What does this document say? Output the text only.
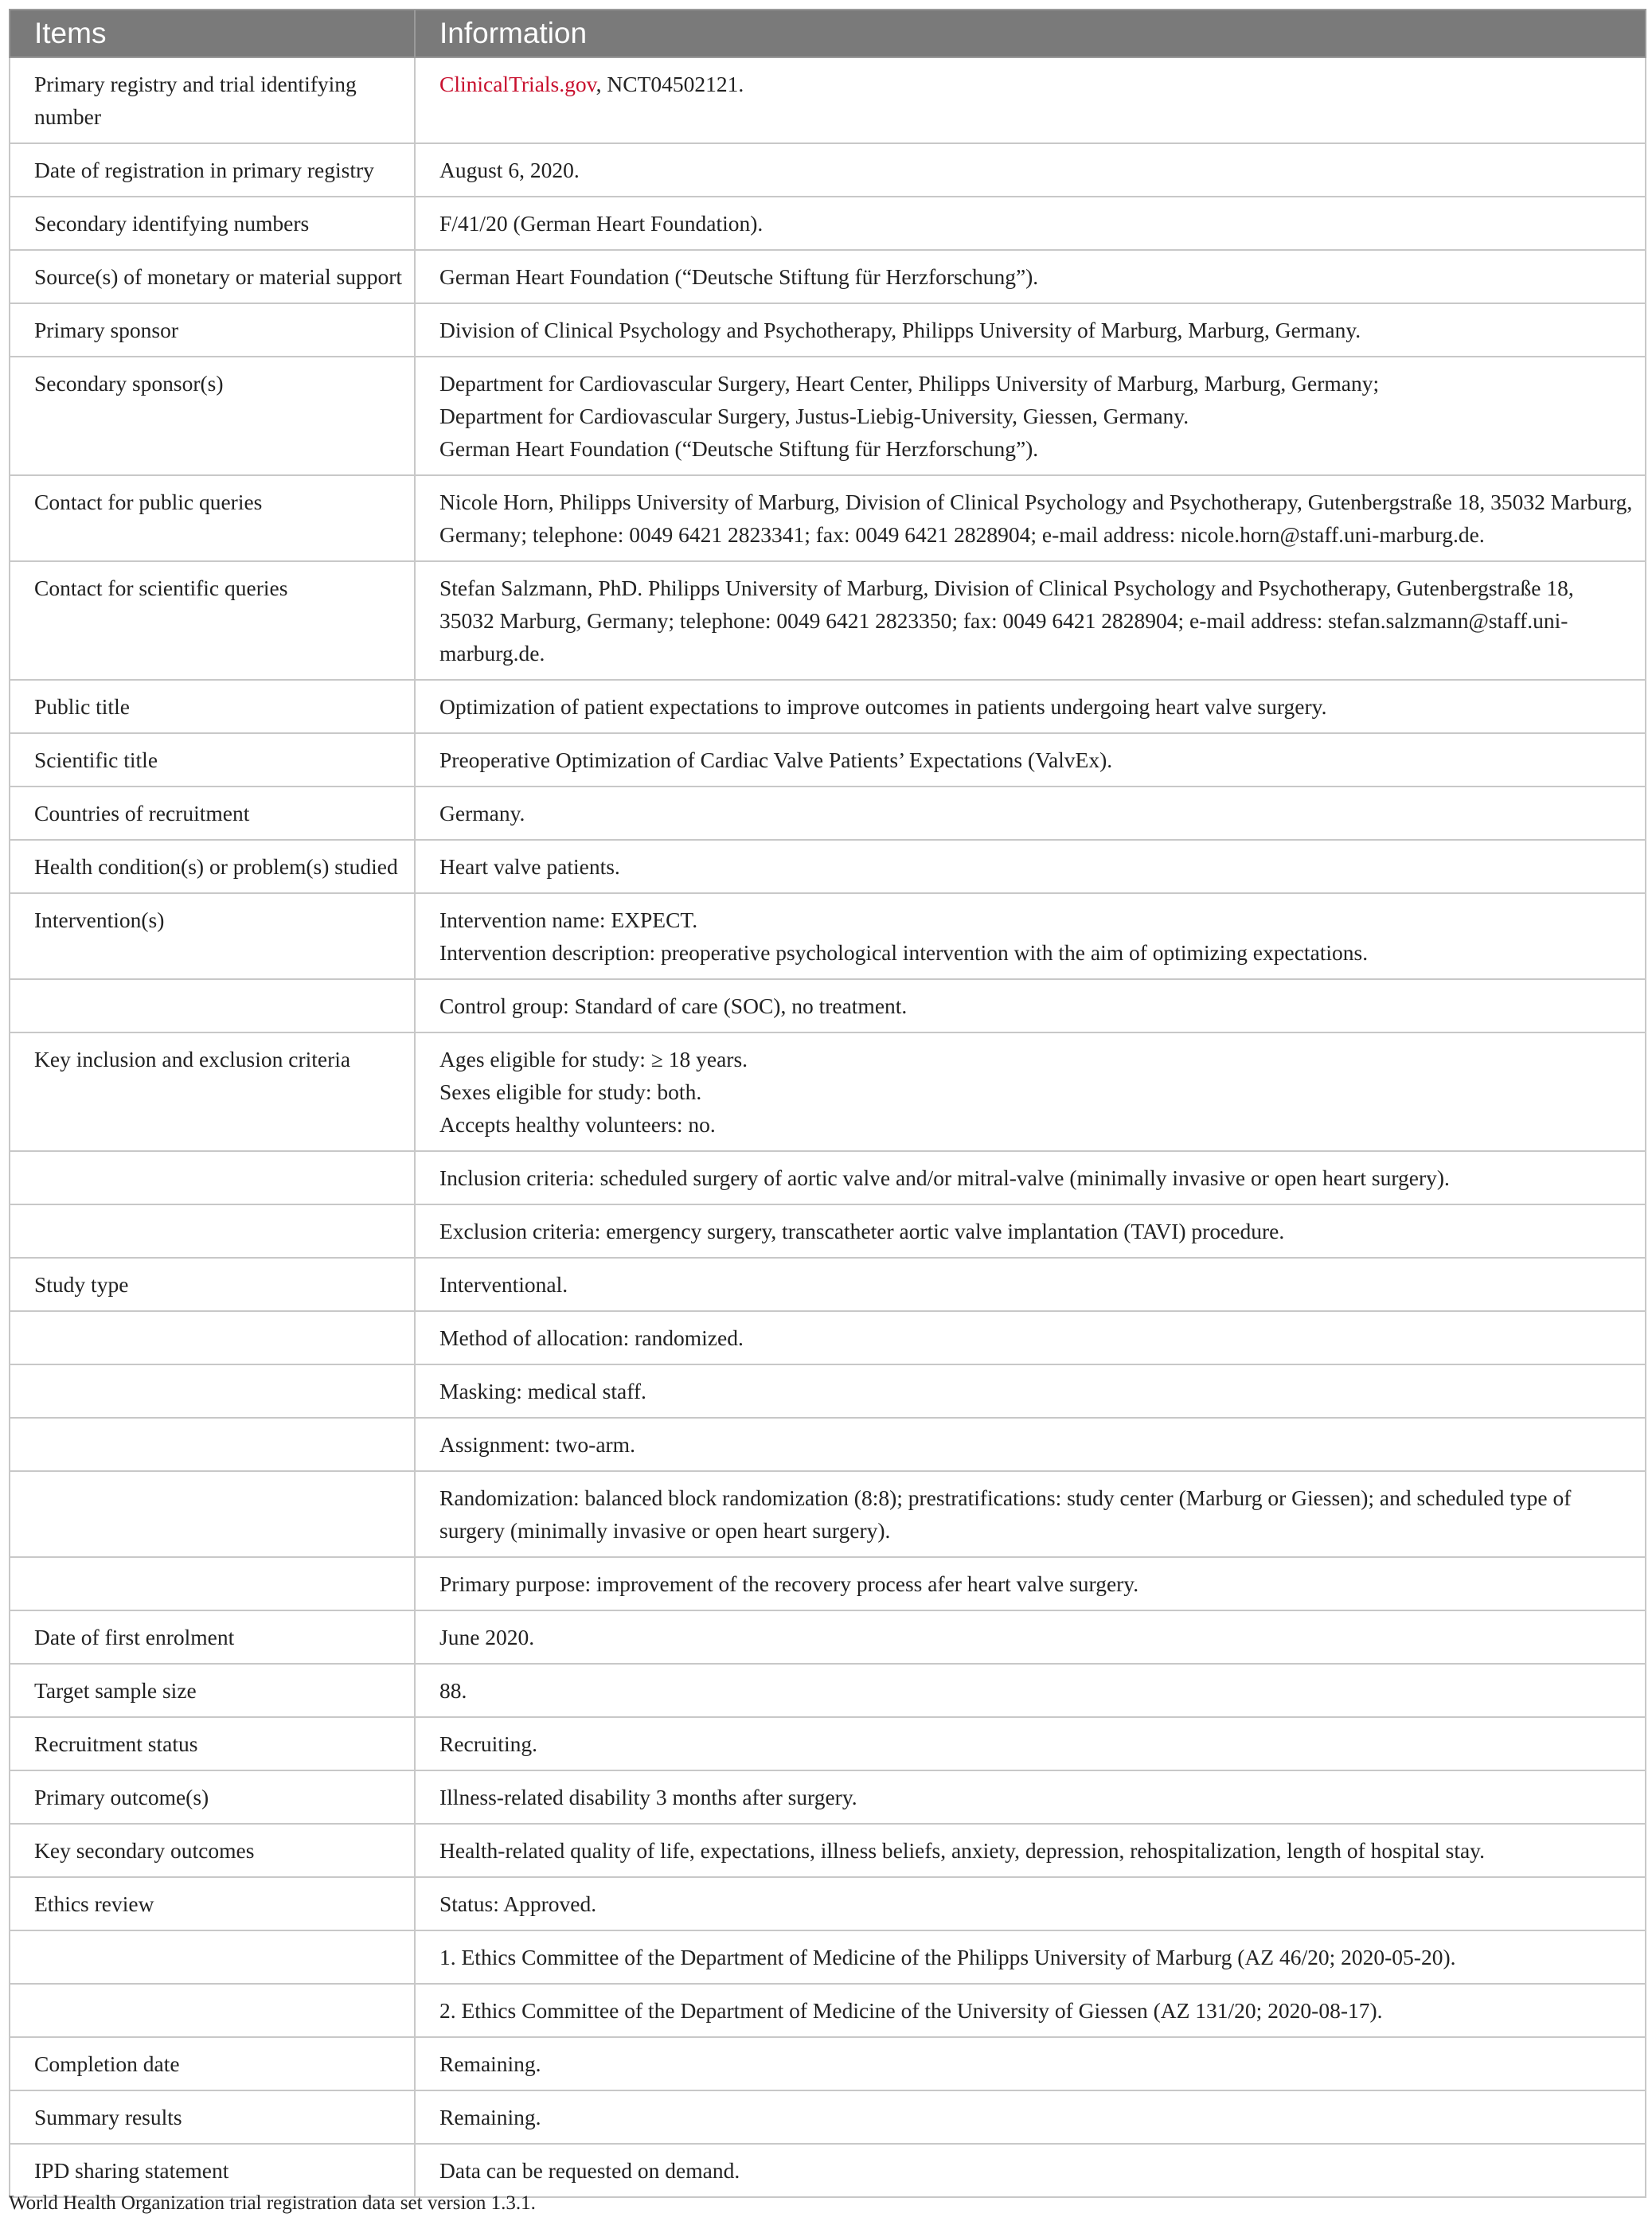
Items	Information
Primary registry and trial identifying number	ClinicalTrials.gov, NCT04502121.

Date of registration in primary registry	August 6, 2020.

Secondary identifying numbers	F/41/20 (German Heart Foundation).

Source(s) of monetary or material support	German Heart Foundation (“Deutsche Stiftung für Herzforschung”).

Primary sponsor	Division of Clinical Psychology and Psychotherapy, Philipps University of Marburg, Marburg, Germany.

Secondary sponsor(s)	Department for Cardiovascular Surgery, Heart Center, Philipps University of Marburg, Marburg, Germany;
Department for Cardiovascular Surgery, Justus-Liebig-University, Giessen, Germany.
German Heart Foundation (“Deutsche Stiftung für Herzforschung”).

Contact for public queries	Nicole Horn, Philipps University of Marburg, Division of Clinical Psychology and Psychotherapy, Gutenbergstraße 18, 35032 Marburg, Germany; telephone: 0049 6421 2823341; fax: 0049 6421 2828904; e-mail address: nicole.horn@staff.uni-marburg.de.

Contact for scientific queries	Stefan Salzmann, PhD. Philipps University of Marburg, Division of Clinical Psychology and Psychotherapy, Gutenbergstraße 18, 35032 Marburg, Germany; telephone: 0049 6421 2823350; fax: 0049 6421 2828904; e-mail address: stefan.salzmann@staff.uni-marburg.de.

Public title	Optimization of patient expectations to improve outcomes in patients undergoing heart valve surgery.

Scientific title	Preoperative Optimization of Cardiac Valve Patients’ Expectations (ValvEx).

Countries of recruitment	Germany.

Health condition(s) or problem(s) studied	Heart valve patients.

Intervention(s)	Intervention name: EXPECT.
Intervention description: preoperative psychological intervention with the aim of optimizing expectations.

	Control group: Standard of care (SOC), no treatment.

Key inclusion and exclusion criteria	Ages eligible for study: ≥ 18 years.
Sexes eligible for study: both.
Accepts healthy volunteers: no.

	Inclusion criteria: scheduled surgery of aortic valve and/or mitral-valve (minimally invasive or open heart surgery).

	Exclusion criteria: emergency surgery, transcatheter aortic valve implantation (TAVI) procedure.

Study type	Interventional.

	Method of allocation: randomized.

	Masking: medical staff.

	Assignment: two-arm.

	Randomization: balanced block randomization (8:8); prestratifications: study center (Marburg or Giessen); and scheduled type of surgery (minimally invasive or open heart surgery).

	Primary purpose: improvement of the recovery process afer heart valve surgery.

Date of first enrolment	June 2020.

Target sample size	88.

Recruitment status	Recruiting.

Primary outcome(s)	Illness-related disability 3 months after surgery.

Key secondary outcomes	Health-related quality of life, expectations, illness beliefs, anxiety, depression, rehospitalization, length of hospital stay.

Ethics review	Status: Approved.

	1. Ethics Committee of the Department of Medicine of the Philipps University of Marburg (AZ 46/20; 2020-05-20).

	2. Ethics Committee of the Department of Medicine of the University of Giessen (AZ 131/20; 2020-08-17).

Completion date	Remaining.

Summary results	Remaining.

IPD sharing statement	Data can be requested on demand.
World Health Organization trial registration data set version 1.3.1.
